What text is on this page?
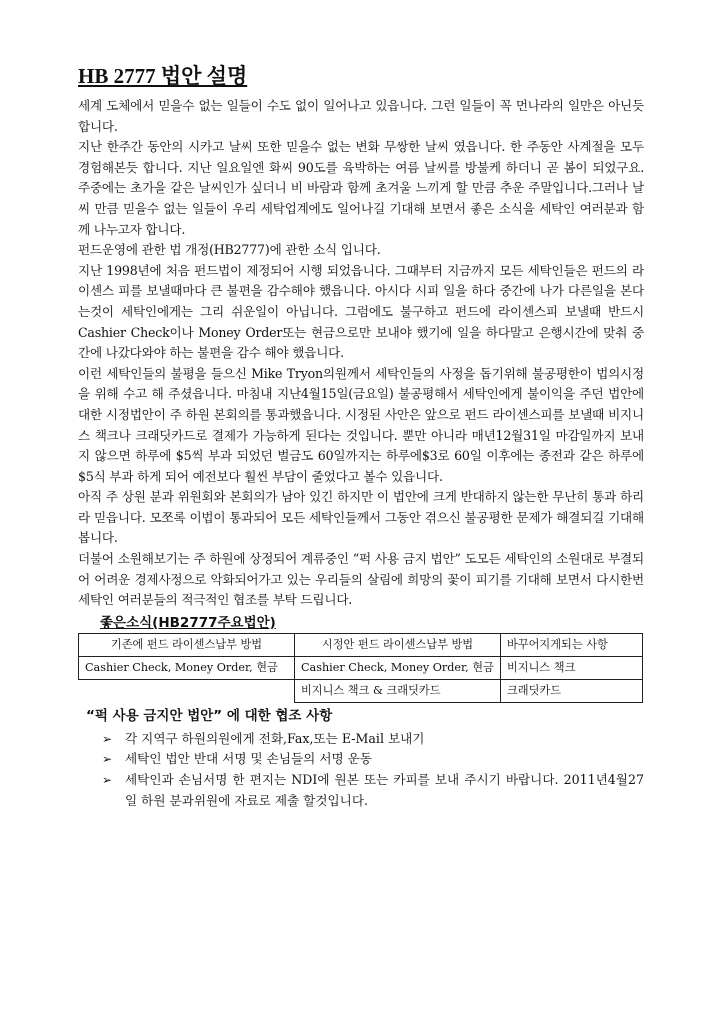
HB 2777 법안 설명

세계 도체에서 믿을수 없는 일들이 수도 없이 일어나고 있읍니다. 그런 일들이 꼭 먼나라의 일만은 아닌듯 합니다.

지난 한주간 동안의 시카고 날씨 또한 믿을수 없는 변화 무쌍한 날씨 였읍니다. 한 주동안 사계절을 모두 경험해본듯 합니다. 지난 일요일엔 화씨 90도를 육박하는 여름 날씨를 방불케 하더니 곧 봄이 되었구요. 주중에는 초가을 같은 날씨인가 싶더니 비 바람과 함께 초겨울 느끼게 할 만큼 추운 주말입니다.그러나 날씨 만큼 믿을수 없는 일들이 우리 세탁업계에도 일어나길 기대해 보면서 좋은 소식을 세탁인 여러분과 함께 나누고자 합니다.

펀드운영에 관한 법 개정(HB2777)에 관한 소식 입니다.

지난 1998년에 처음 펀드법이 제정되어 시행 되었읍니다. 그때부터 지금까지 모든 세탁인들은 펀드의 라이센스 피를 보낼때마다 큰 불편을 감수해야 했읍니다. 아시다 시피 일을 하다 중간에 나가 다른일을 본다는것이 세탁인에게는 그리 쉬운일이 아닙니다. 그럼에도 불구하고 펀드에 라이센스피 보낼때 반드시 Cashier Check이나 Money Order또는 현금으로만 보내야 했기에 일을 하다말고 은행시간에 맞춰 중간에 나갔다와야 하는 불편을 감수 해야 했읍니다.

이런 세탁인들의 불평을 들으신 Mike Tryon의원께서 세탁인들의 사정을 돕기위해 불공평한이 법의시정을 위해 수고 해 주셨읍니다. 마침내 지난4월15일(금요일) 불공평해서 세탁인에게 불이익을 주던 법안에 대한 시정법안이 주 하원 본회의를 통과했읍니다. 시정된 사안은 앞으로 펀드 라이센스피를 보낼때 비지니스 책크나 크래딧카드로 결제가 가능하게 된다는 것입니다. 뿐만 아니라 매년12월31일 마감일까지 보내지 않으면 하루에 $5씩 부과 되었던 벌금도 60일까지는 하루에$3로 60일 이후에는 종전과 같은 하루에 $5식 부과 하게 되어 예전보다 훨씬 부담이 줄었다고 볼수 있읍니다.

아직 주 상원 분과 위원회와 본회의가 남아 있긴 하지만 이 법안에 크게 반대하지 않는한 무난히 통과 하리라 믿읍니다. 모쪼록 이법이 통과되어 모든 세탁인들께서 그동안 겪으신 불공평한 문제가 해결되길 기대해 봅니다.

더불어 소원해보기는 주 하원에 상정되어 계류중인 “퍽 사용 금지 법안” 도모든 세탁인의 소원대로 부결되어 어려운 경제사정으로 악화되어가고 있는 우리들의 살림에 희망의 꽃이 피기를 기대해 보면서 다시한번 세탁인 여러분들의 적극적인 협조를 부탁 드립니다.

좋은소식(HB2777주요법안)
기존에 펀드 라이센스납부 방법	시정안 펀드 라이센스납부 방법	바꾸어지게되는 사항
Cashier Check, Money Order, 현금	Cashier Check, Money Order, 현금	비지니스 책크
	비지니스 책크 & 크래딧카드	크래딧카드
“퍽 사용 금지안 법안” 에 대한 협조 사항
➢ 각 지역구 하원의원에게 전화,Fax,또는 E-Mail 보내기
➢ 세탁인 법안 반대 서명 및 손님들의 서명 운동
➢ 세탁인과 손님서명 한 편지는 NDI에 원본 또는 카피를 보내 주시기 바랍니다. 2011년4월27일 하원 분과위원에 자료로 제출 할것입니다.
